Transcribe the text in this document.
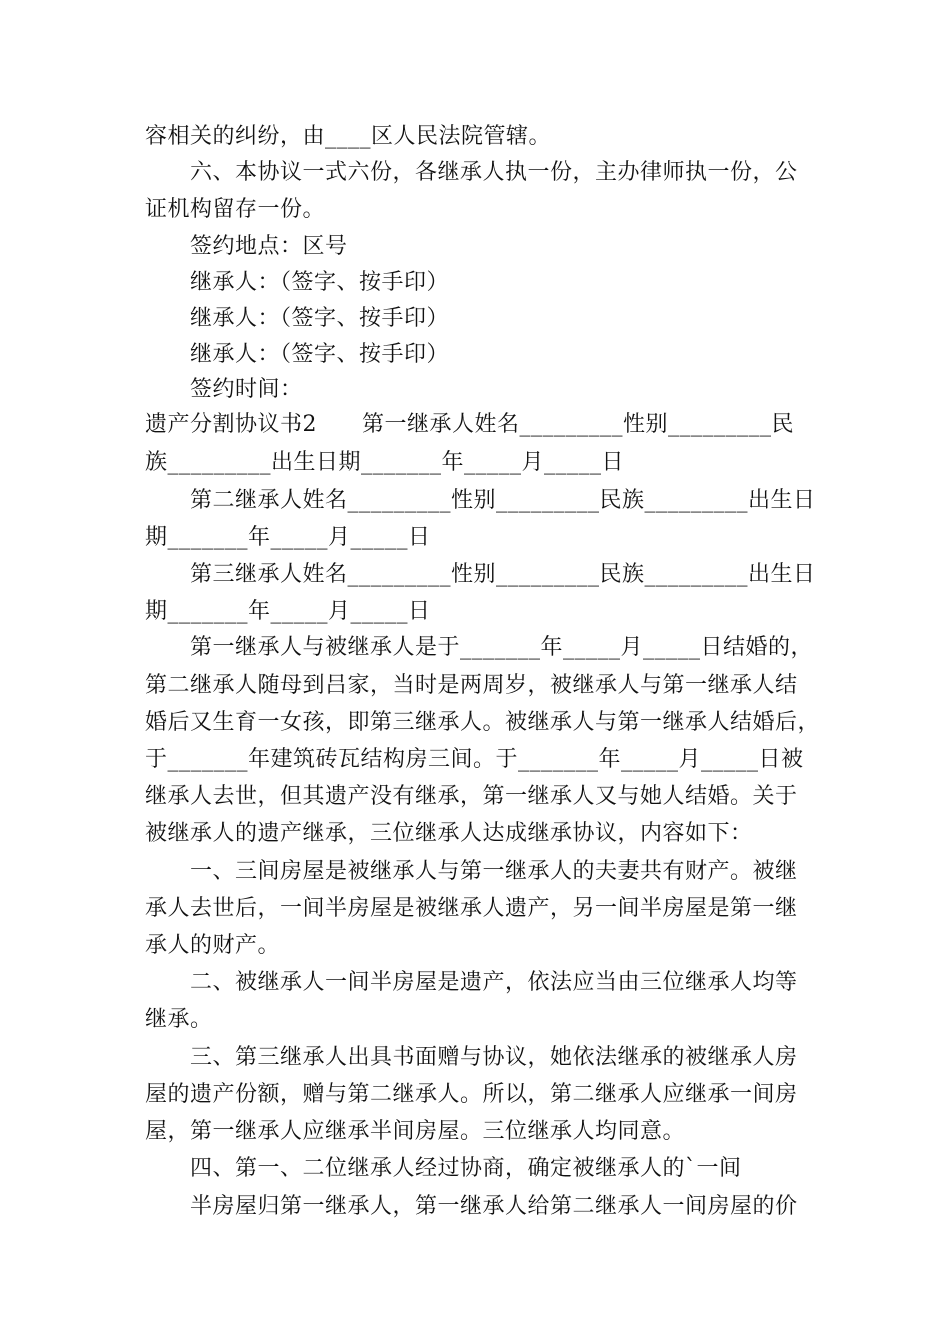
容相关的纠纷，由____区人民法院管辖。
六、本协议一式六份，各继承人执一份，主办律师执一份，公
证机构留存一份。
签约地点：区号
继承人：（签字、按手印）
继承人：（签字、按手印）
继承人：（签字、按手印）
签约时间：
遗产分割协议书2      第一继承人姓名_________性别_________民
族_________出生日期_______年_____月_____日
第二继承人姓名_________性别_________民族_________出生日
期_______年_____月_____日
第三继承人姓名_________性别_________民族_________出生日
期_______年_____月_____日
第一继承人与被继承人是于_______年_____月_____日结婚的，
第二继承人随母到吕家，当时是两周岁，被继承人与第一继承人结
婚后又生育一女孩，即第三继承人。被继承人与第一继承人结婚后，
于_______年建筑砖瓦结构房三间。于_______年_____月_____日被
继承人去世，但其遗产没有继承，第一继承人又与她人结婚。关于
被继承人的遗产继承，三位继承人达成继承协议，内容如下：
一、三间房屋是被继承人与第一继承人的夫妻共有财产。被继
承人去世后，一间半房屋是被继承人遗产，另一间半房屋是第一继
承人的财产。
二、被继承人一间半房屋是遗产，依法应当由三位继承人均等
继承。
三、第三继承人出具书面赠与协议，她依法继承的被继承人房
屋的遗产份额，赠与第二继承人。所以，第二继承人应继承一间房
屋，第一继承人应继承半间房屋。三位继承人均同意。
四、第一、二位继承人经过协商，确定被继承人的`一间
半房屋归第一继承人，第一继承人给第二继承人一间房屋的价
